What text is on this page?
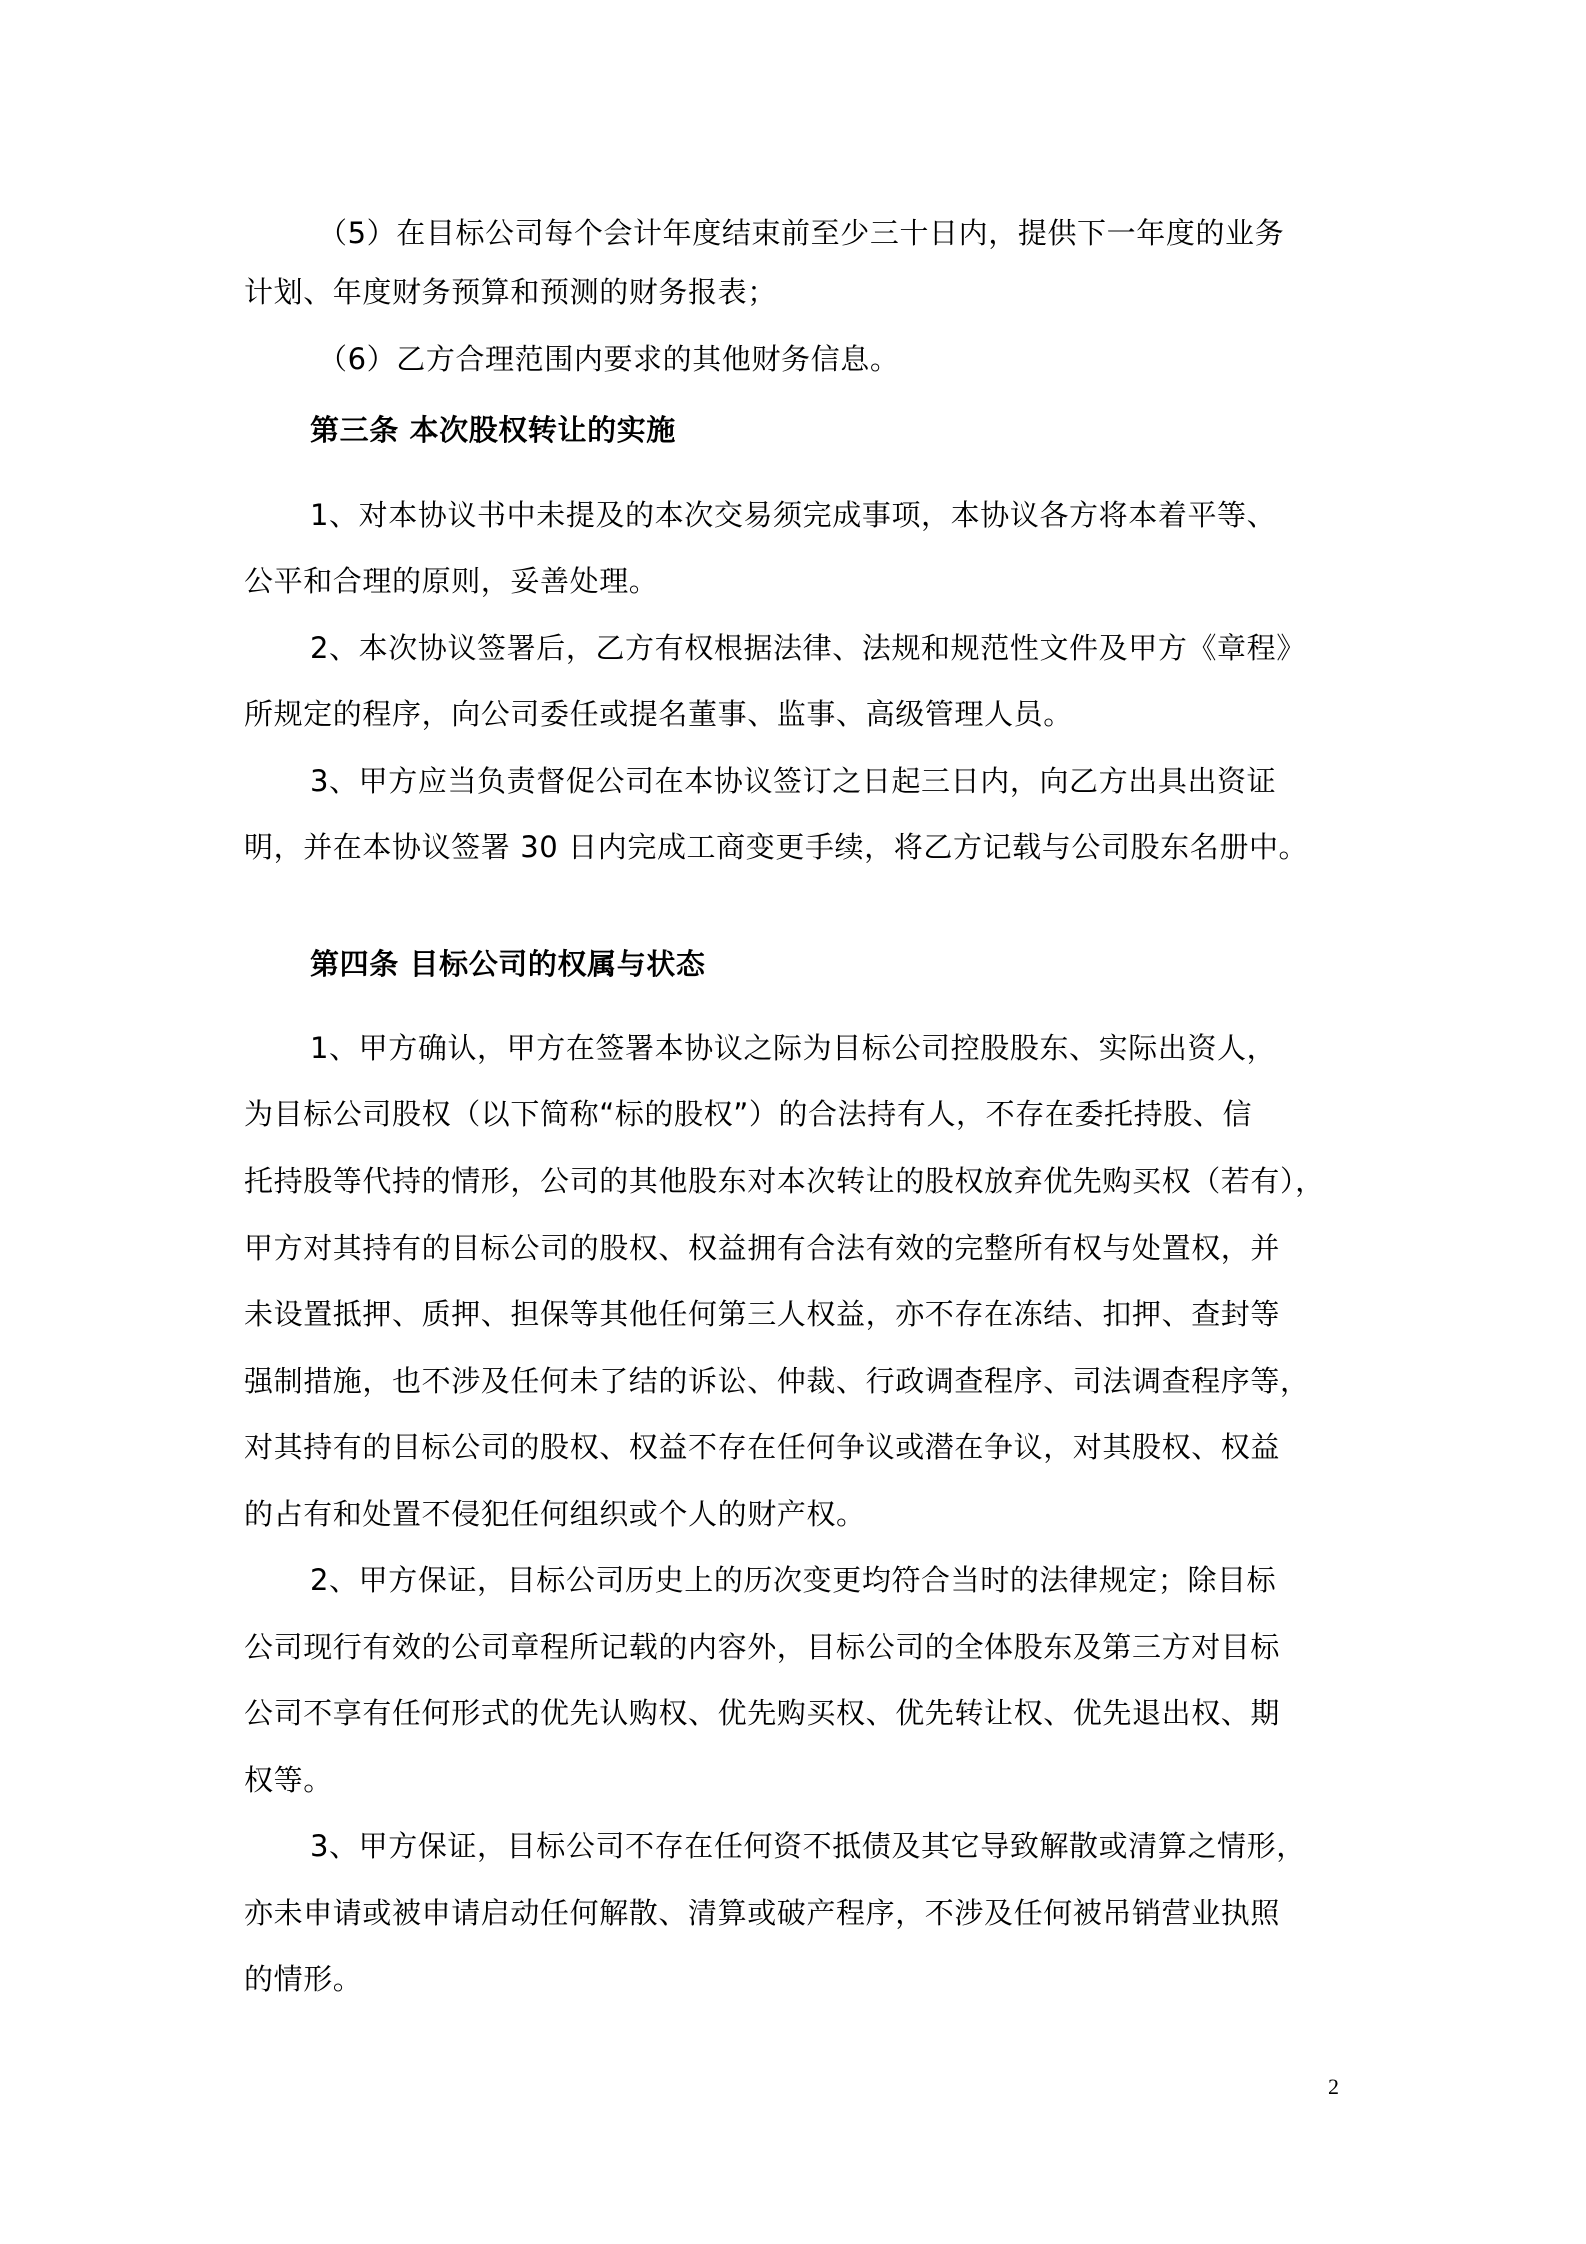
（5）在目标公司每个会计年度结束前至少三十日内，提供下一年度的业务
计划、年度财务预算和预测的财务报表；
（6）乙方合理范围内要求的其他财务信息。
第三条 本次股权转让的实施
1、对本协议书中未提及的本次交易须完成事项，本协议各方将本着平等、
公平和合理的原则，妥善处理。
2、本次协议签署后，乙方有权根据法律、法规和规范性文件及甲方《章程》
所规定的程序，向公司委任或提名董事、监事、高级管理人员。
3、甲方应当负责督促公司在本协议签订之日起三日内，向乙方出具出资证
明，并在本协议签署 30 日内完成工商变更手续，将乙方记载与公司股东名册中。
第四条 目标公司的权属与状态
1、甲方确认，甲方在签署本协议之际为目标公司控股股东、实际出资人，
为目标公司股权（以下简称“标的股权”）的合法持有人，不存在委托持股、信
托持股等代持的情形，公司的其他股东对本次转让的股权放弃优先购买权（若有），
甲方对其持有的目标公司的股权、权益拥有合法有效的完整所有权与处置权，并
未设置抵押、质押、担保等其他任何第三人权益，亦不存在冻结、扣押、查封等
强制措施，也不涉及任何未了结的诉讼、仲裁、行政调查程序、司法调查程序等，
对其持有的目标公司的股权、权益不存在任何争议或潜在争议，对其股权、权益
的占有和处置不侵犯任何组织或个人的财产权。
2、甲方保证，目标公司历史上的历次变更均符合当时的法律规定；除目标
公司现行有效的公司章程所记载的内容外，目标公司的全体股东及第三方对目标
公司不享有任何形式的优先认购权、优先购买权、优先转让权、优先退出权、期
权等。
3、甲方保证，目标公司不存在任何资不抵债及其它导致解散或清算之情形，
亦未申请或被申请启动任何解散、清算或破产程序，不涉及任何被吊销营业执照
的情形。
2
